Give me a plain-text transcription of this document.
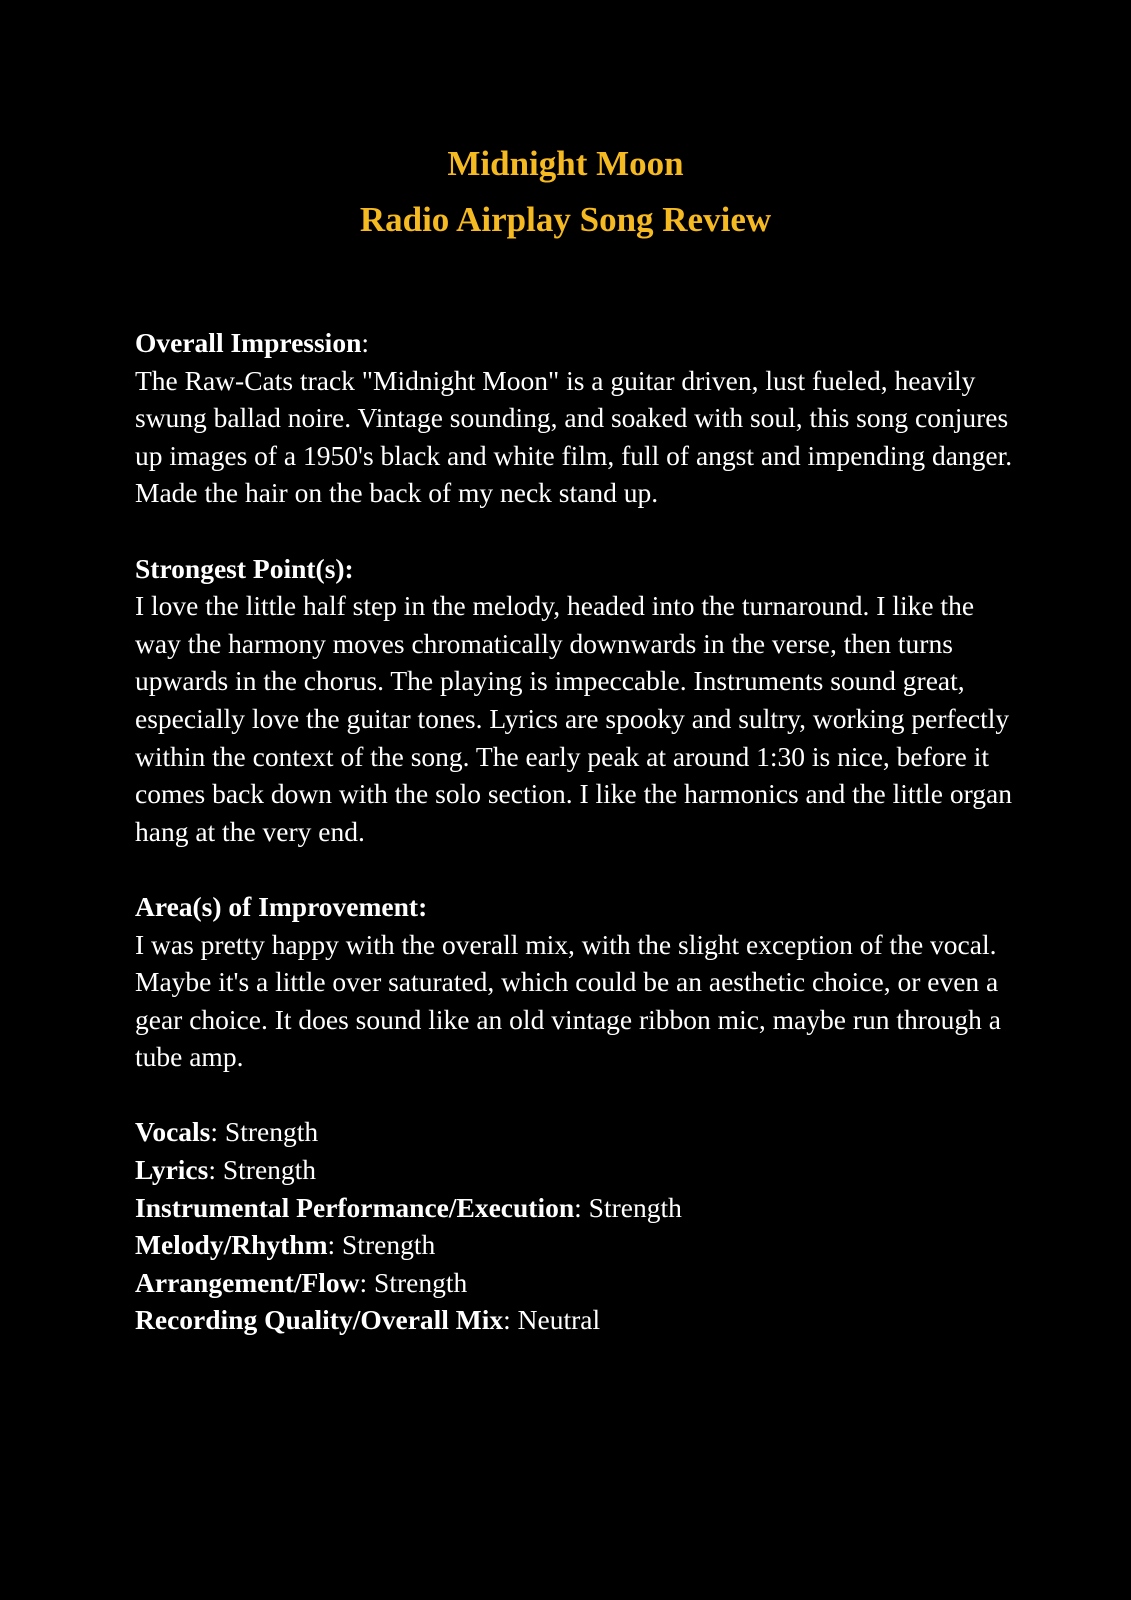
Midnight Moon
Radio Airplay Song Review
Overall Impression:
The Raw-Cats track "Midnight Moon" is a guitar driven, lust fueled, heavily swung ballad noire. Vintage sounding, and soaked with soul, this song conjures up images of a 1950's black and white film, full of angst and impending danger. Made the hair on the back of my neck stand up.
Strongest Point(s):
I love the little half step in the melody, headed into the turnaround. I like the way the harmony moves chromatically downwards in the verse, then turns upwards in the chorus. The playing is impeccable. Instruments sound great, especially love the guitar tones. Lyrics are spooky and sultry, working perfectly within the context of the song. The early peak at around 1:30 is nice, before it comes back down with the solo section. I like the harmonics and the little organ hang at the very end.
Area(s) of Improvement:
I was pretty happy with the overall mix, with the slight exception of the vocal. Maybe it's a little over saturated, which could be an aesthetic choice, or even a gear choice. It does sound like an old vintage ribbon mic, maybe run through a tube amp.
Vocals: Strength
Lyrics: Strength
Instrumental Performance/Execution: Strength
Melody/Rhythm: Strength
Arrangement/Flow: Strength
Recording Quality/Overall Mix: Neutral
